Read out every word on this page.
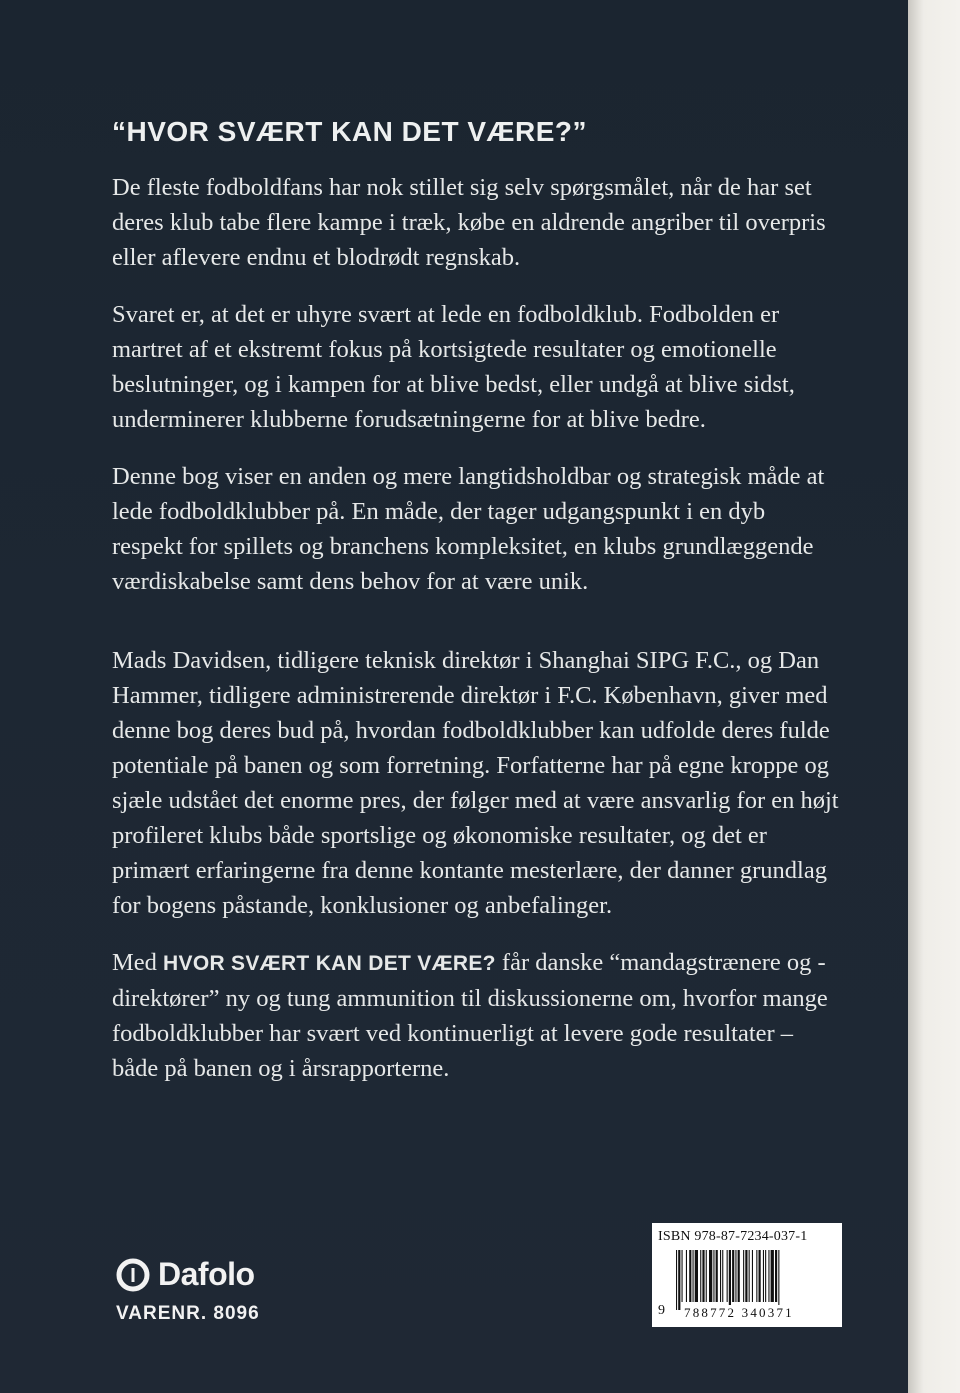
“HVOR SVÆRT KAN DET VÆRE?”

De fleste fodboldfans har nok stillet sig selv spørgsmålet, når de har set deres klub tabe flere kampe i træk, købe en aldrende angriber til overpris eller aflevere endnu et blodrødt regnskab.

Svaret er, at det er uhyre svært at lede en fodboldklub. Fodbolden er martret af et ekstremt fokus på kortsigtede resultater og emotionelle beslutninger, og i kampen for at blive bedst, eller undgå at blive sidst, underminerer klubberne forudsætningerne for at blive bedre.

Denne bog viser en anden og mere langtidsholdbar og strategisk måde at lede fodboldklubber på. En måde, der tager udgangspunkt i en dyb respekt for spillets og branchens kompleksitet, en klubs grundlæggende værdiskabelse samt dens behov for at være unik.

Mads Davidsen, tidligere teknisk direktør i Shanghai SIPG F.C., og Dan Hammer, tidligere administrerende direktør i F.C. København, giver med denne bog deres bud på, hvordan fodboldklubber kan udfolde deres fulde potentiale på banen og som forretning. Forfatterne har på egne kroppe og sjæle udstået det enorme pres, der følger med at være ansvarlig for en højt profileret klubs både sportslige og økonomiske resultater, og det er primært erfaringerne fra denne kontante mesterlære, der danner grundlag for bogens påstande, konklusioner og anbefalinger.

Med HVOR SVÆRT KAN DET VÆRE? får danske “mandagstrænere og -direktører” ny og tung ammunition til diskussionerne om, hvorfor mange fodboldklubber har svært ved kontinuerligt at levere gode resultater – både på banen og i årsrapporterne.

Dafolo
VARENR. 8096
ISBN 978-87-7234-037-1
9 788772 340371
